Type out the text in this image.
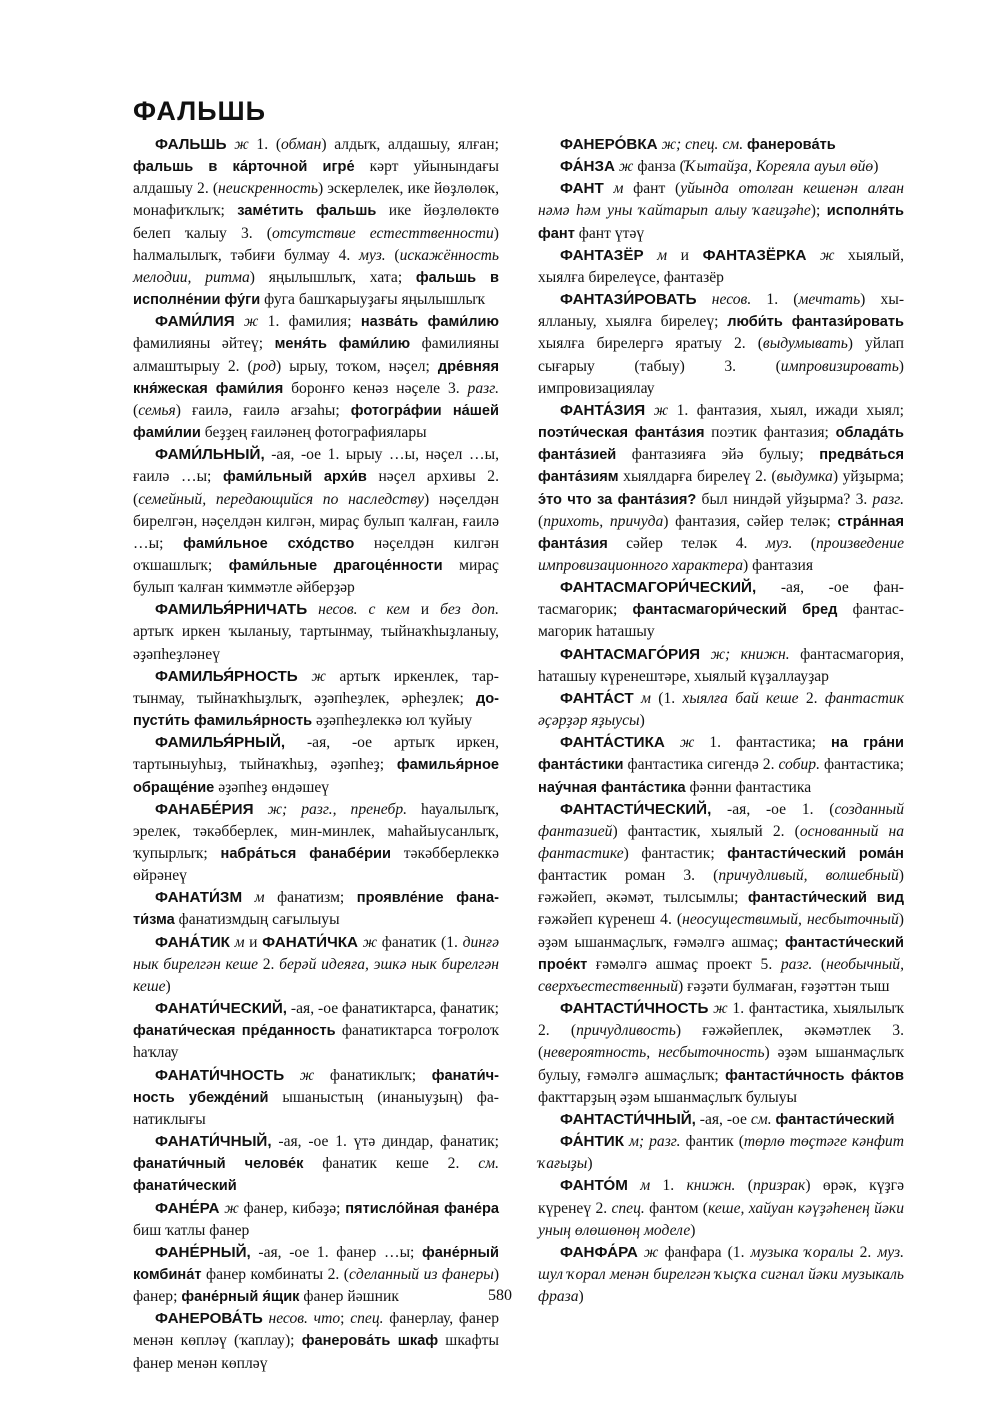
ФАЛЬШЬ

ФАЛЬШЬ ж 1. (обман) алдыҡ, алдашыу, ялған; фальшь в ка́рточной игре́ кәрт уйынындағы алдашыу 2. (неискренность) эскерлелек, ике йөҙлөлөк, монафиҡлыҡ; заме́тить фальшь ике йөҙлөлөктө белеп ҡалыу 3. (отсутствие естесттвенности) һалмалылыҡ, тәбиғи булмау 4. муз. (искажённость мелодии, ритма) яңылышлыҡ, хата; фальшь в исполне́нии фу́ги фуга башҡарыуҙағы яңылышлыҡ

ФАМИ́ЛИЯ ж 1. фамилия; назва́ть фами́лию фамилияны әйтеү; меня́ть фами́лию фамилияны алмаштырыу 2. (род) ырыу, тоҡом, нәҫел; дре́вняя кня́жеская фами́лия боронғо кенәз нәҫеле 3. разг. (семья) ғаилә, ғаилә ағзаһы; фотогра́фии на́шей фами́лии беҙҙең ғаиләнең фотографиялары

ФАМИ́ЛЬНЫЙ, -ая, -ое 1. ырыу …ы, нәҫел …ы, ғаилә …ы; фами́льный архи́в нәҫел архивы 2. (семейный, передающийся по наследству) нәҫелдән бирелгән, нәҫелдән килгән, мираҫ булып ҡалған, ғаилә …ы; фами́льное схо́дство нәҫелдән килгән оҡшашлыҡ; фами́льные драгоце́нности мираҫ булып ҡалған ҡиммәтле әйберҙәр

ФАМИЛЬЯ́РНИЧАТЬ несов. с кем и без доп. артыҡ иркен ҡыланыу, тартынмау, тыйнаҡһыҙланыу, әҙәпһеҙләнеү

ФАМИЛЬЯ́РНОСТЬ ж артыҡ иркенлек, тартынмау, тыйнаҡһыҙлыҡ, әҙәпһеҙлек, әрһеҙлек; допусти́ть фамилья́рность әҙәпһеҙлеккә юл ҡуйыу

ФАМИЛЬЯ́РНЫЙ, -ая, -ое артыҡ иркен, тартыныуһыҙ, тыйнаҡһыҙ, әҙәпһеҙ; фамилья́рное обраще́ние әҙәпһеҙ өндәшеү

ФАНАБЕ́РИЯ ж; разг., пренебр. һауалылыҡ, эрелек, тәкәбберлек, мин-минлек, маһайыусанлыҡ, ҡупырлыҡ; набра́ться фанабе́рии тәкәбберлеккә өйрәнеү

ФАНАТИ́ЗМ м фанатизм; проявле́ние фанати́зма фанатизмдың сағылыуы

ФАНА́ТИК м и ФАНАТИ́ЧКА ж фанатик (1. динғә нык бирелгән кеше 2. берәй идеяға, эшкә нык бирелгән кеше)

ФАНАТИ́ЧЕСКИЙ, -ая, -ое фанатиктарса, фанатик; фанати́ческая пре́данность фанатиктарса тоғролоҡ һаҡлау

ФАНАТИ́ЧНОСТЬ ж фанатиклыҡ; фанати́чность убежде́ний ышаныстың (инаныуҙың) фанатиклығы

ФАНАТИ́ЧНЫЙ, -ая, -ое 1. үтә диндар, фанатик; фанати́чный челове́к фанатик кеше 2. см. фанати́ческий

ФАНЕ́РА ж фанер, кибәҙә; пятисло́йная фане́ра биш ҡатлы фанер

ФАНЕ́РНЫЙ, -ая, -ое 1. фанер …ы; фане́рный комбина́т фанер комбинаты 2. (сделанный из фанеры) фанер; фане́рный я́щик фанер йәшник

ФАНЕРОВА́ТЬ несов. что; спец. фанерлау, фанер менән көпләү (ҡаплау); фанерова́ть шкаф шкафты фанер менән көпләү

ФАНЕРО́ВКА ж; спец. см. фанерова́ть

ФА́НЗА ж фанза (Ҡытайҙа, Кореяла ауыл өйө)

ФАНТ м фант (уйында отолған кешенән алған нәмә һәм уны ҡайтарып алыу ҡағиҙәһе); исполня́ть фант фант үтәү

ФАНТАЗЁР м и ФАНТАЗЁРКА ж хыялый, хыялға бирелеүсе, фантазёр

ФАНТАЗИ́РОВАТЬ несов. 1. (мечтать) хыялланыу, хыялға бирелеү; люби́ть фантази́ровать хыялға бирелергә яратыу 2. (выдумывать) уйлап сығарыу (табыу) 3. (импровизировать) импровизациялау

ФАНТА́ЗИЯ ж 1. фантазия, хыял, ижади хыял; поэти́ческая фанта́зия поэтик фантазия; облада́ть фанта́зией фантазияға эйә булыу; предва́ться фанта́зиям хыялдарға бирелеү 2. (выдумка) уйҙырма; э́то что за фанта́зия? был ниндәй уйҙырма? 3. разг. (прихоть, причуда) фантазия, сәйер теләк; стра́нная фанта́зия сәйер теләк 4. муз. (произведение импровизационного характера) фантазия

ФАНТАСМАГОРИ́ЧЕСКИЙ, -ая, -ое фантасмагорик; фантасмагори́ческий бред фантасмагорик һаташыу

ФАНТАСМАГО́РИЯ ж; книжн. фантасмагория, һаташыу күренештәре, хыялый күҙаллауҙар

ФАНТА́СТ м (1. хыялға бай кеше 2. фантастик әҫәрҙәр яҙыусы)

ФАНТА́СТИКА ж 1. фантастика; на гра́ни фанта́стики фантастика сигендә 2. собир. фантастика; нау́чная фанта́стика фәнни фантастика

ФАНТАСТИ́ЧЕСКИЙ, -ая, -ое 1. (созданный фантазией) фантастик, хыялый 2. (основанный на фантастике) фантастик; фантасти́ческий рома́н фантастик роман 3. (причудливый, волшебный) ғәжәйеп, әкәмәт, тылсымлы; фантасти́ческий вид ғәжәйеп күренеш 4. (неосуществимый, несбыточный) әҙәм ышанмаҫлыҡ, ғәмәлгә ашмаҫ; фантасти́ческий прое́кт ғәмәлгә ашмаҫ проект 5. разг. (необычный, сверхъестественный) ғәҙәти булмаған, ғәҙәттән тыш

ФАНТАСТИ́ЧНОСТЬ ж 1. фантастика, хыялылыҡ 2. (причудливость) ғәжәйеплек, әкәмәтлек 3. (невероятность, несбыточность) әҙәм ышанмаҫлыҡ булыу, ғәмәлгә ашмаҫлыҡ; фантасти́чность фа́ктов факттарҙың әҙәм ышанмаҫлыҡ булыуы

ФАНТАСТИ́ЧНЫЙ, -ая, -ое см. фантасти́ческий

ФА́НТИК м; разг. фантик (төрлө төҫтәге кәнфит ҡағыҙы)

ФАНТО́М м 1. книжн. (призрак) өрәк, күҙгә күренеү 2. спец. фантом (кеше, хайуан кәүҙәһенең йәки уның өлөшөнөң моделе)

ФАНФА́РА ж фанфара (1. музыка ҡоралы 2. муз. шул ҡорал менән бирелгән ҡыҫҡа сигнал йәки музыкаль фраза)

580
